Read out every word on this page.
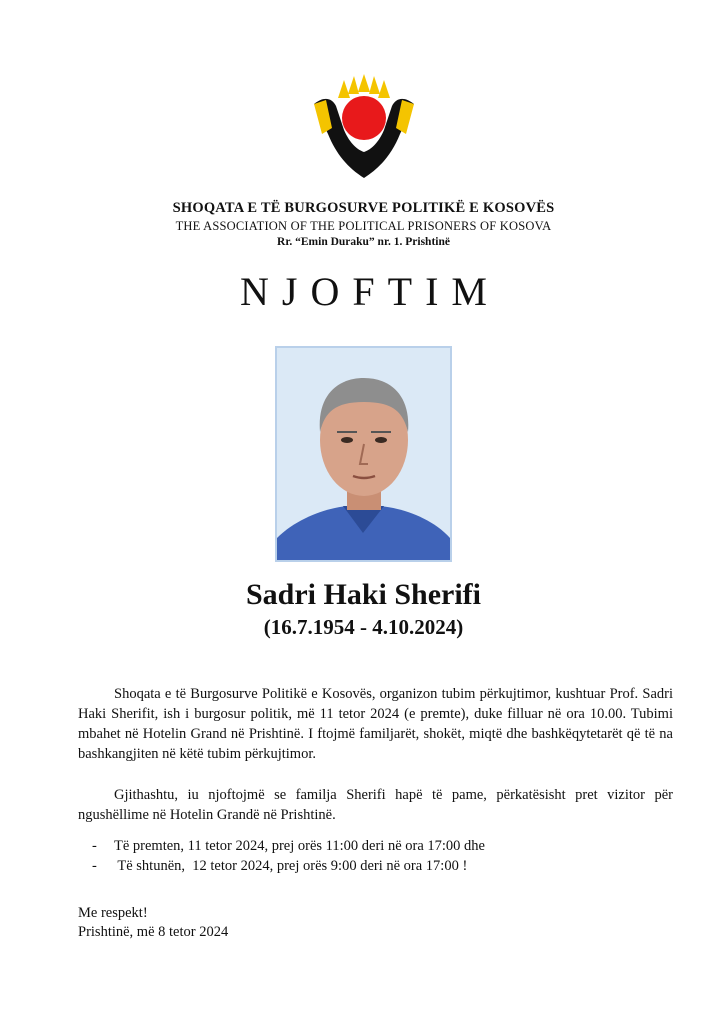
SHOQATA E TË BURGOSURVE POLITIKË E KOSOVËS
THE ASSOCIATION OF THE POLITICAL PRISONERS OF KOSOVA
Rr. “Emin Duraku” nr. 1. Prishtinë
NJOFTIM
Sadri Haki Sherifi
(16.7.1954 - 4.10.2024)

Shoqata e të Burgosurve Politikë e Kosovës, organizon tubim përkujtimor, kushtuar Prof. Sadri Haki Sherifit, ish i burgosur politik, më 11 tetor 2024 (e premte), duke filluar në ora 10.00. Tubimi mbahet në Hotelin Grand në Prishtinë. I ftojmë familjarët, shokët, miqtë dhe bashkëqytetarët që të na bashkangjiten në këtë tubim përkujtimor.

Gjithashtu, iu njoftojmë se familja Sherifi hapë të pame, përkatësisht pret vizitor për ngushëllime në Hotelin Grandë në Prishtinë.

-	Të premten, 11 tetor 2024, prej orës 11:00 deri në ora 17:00 dhe
-	Të shtunën,  12 tetor 2024, prej orës 9:00 deri në ora 17:00 !
Me respekt!
Prishtinë, më 8 tetor 2024
